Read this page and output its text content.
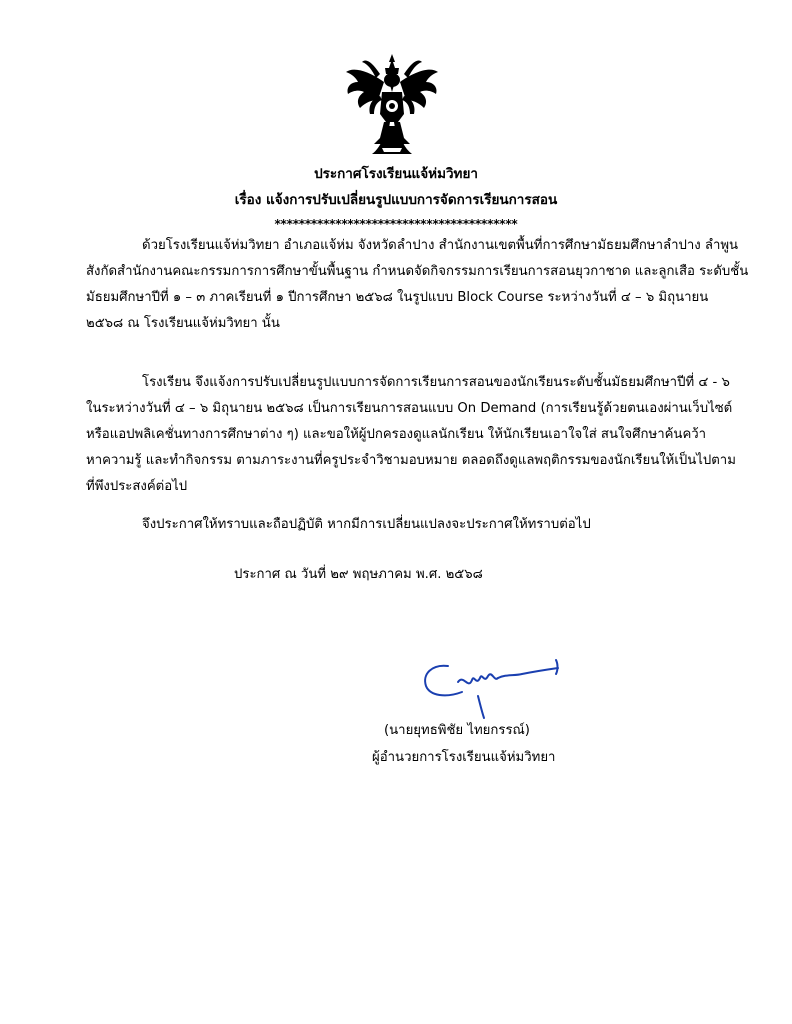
ประกาศโรงเรียนแจ้ห่มวิทยา
เรื่อง แจ้งการปรับเปลี่ยนรูปแบบการจัดการเรียนการสอน
****************************************
ด้วยโรงเรียนแจ้ห่มวิทยา อำเภอแจ้ห่ม จังหวัดลำปาง สำนักงานเขตพื้นที่การศึกษามัธยมศึกษาลำปาง ลำพูน
สังกัดสำนักงานคณะกรรมการการศึกษาขั้นพื้นฐาน กำหนดจัดกิจกรรมการเรียนการสอนยุวกาชาด และลูกเสือ ระดับชั้น
มัธยมศึกษาปีที่ ๑ – ๓ ภาคเรียนที่ ๑ ปีการศึกษา ๒๕๖๘ ในรูปแบบ Block Course ระหว่างวันที่ ๔ – ๖ มิถุนายน
๒๕๖๘ ณ โรงเรียนแจ้ห่มวิทยา นั้น
โรงเรียน จึงแจ้งการปรับเปลี่ยนรูปแบบการจัดการเรียนการสอนของนักเรียนระดับชั้นมัธยมศึกษาปีที่ ๔ - ๖
ในระหว่างวันที่ ๔ – ๖ มิถุนายน ๒๕๖๘ เป็นการเรียนการสอนแบบ On Demand (การเรียนรู้ด้วยตนเองผ่านเว็บไซต์
หรือแอปพลิเคชั่นทางการศึกษาต่าง ๆ) และขอให้ผู้ปกครองดูแลนักเรียน ให้นักเรียนเอาใจใส่ สนใจศึกษาค้นคว้า
หาความรู้ และทำกิจกรรม ตามภาระงานที่ครูประจำวิชามอบหมาย ตลอดถึงดูแลพฤติกรรมของนักเรียนให้เป็นไปตาม
ที่พึงประสงค์ต่อไป
จึงประกาศให้ทราบและถือปฏิบัติ หากมีการเปลี่ยนแปลงจะประกาศให้ทราบต่อไป
ประกาศ ณ วันที่ ๒๙ พฤษภาคม พ.ศ. ๒๕๖๘
(นายยุทธพิชัย ไทยกรรณ์)
ผู้อำนวยการโรงเรียนแจ้ห่มวิทยา
